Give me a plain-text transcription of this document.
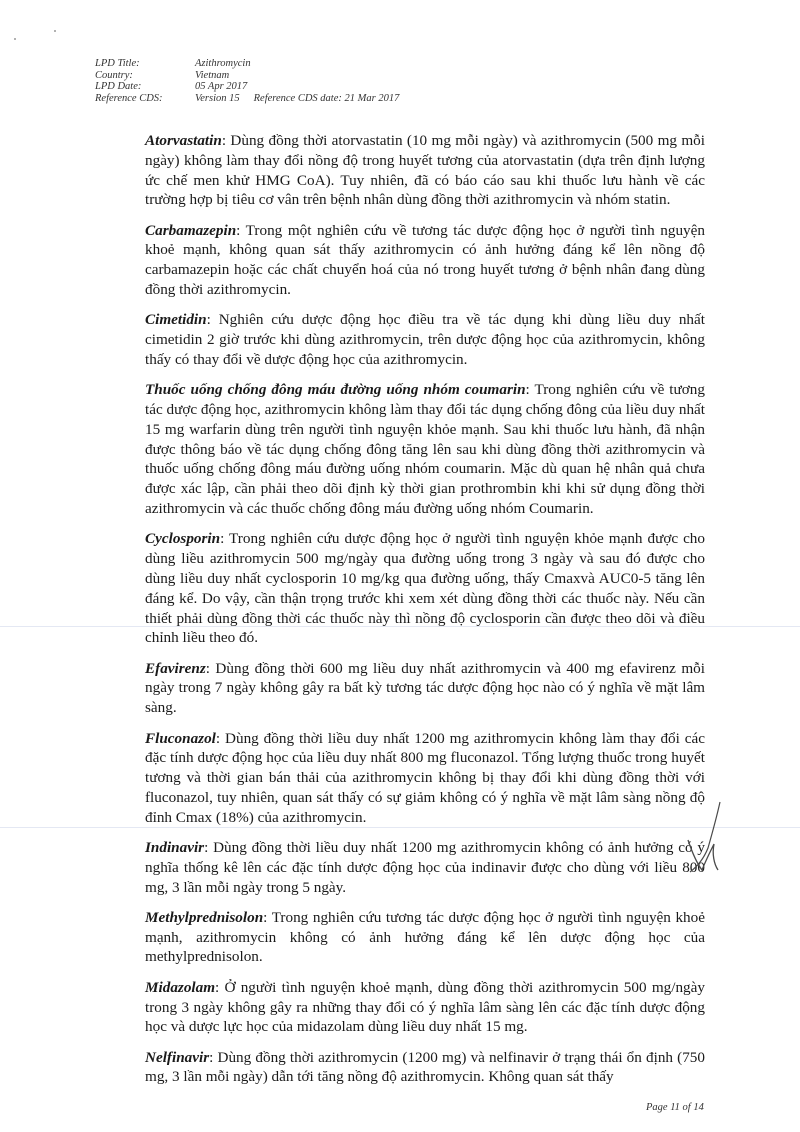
LPD Title:	Azithromycin
Country:	Vietnam
LPD Date:	05 Apr 2017
Reference CDS:	Version 15 Reference CDS date: 21 Mar 2017

Atorvastatin: Dùng đồng thời atorvastatin (10 mg mỗi ngày) và azithromycin (500 mg mỗi ngày) không làm thay đổi nồng độ trong huyết tương của atorvastatin (dựa trên định lượng ức chế men khử HMG CoA). Tuy nhiên, đã có báo cáo sau khi thuốc lưu hành về các trường hợp bị tiêu cơ vân trên bệnh nhân dùng đồng thời azithromycin và nhóm statin.

Carbamazepin: Trong một nghiên cứu về tương tác dược động học ở người tình nguyện khoẻ mạnh, không quan sát thấy azithromycin có ảnh hưởng đáng kể lên nồng độ carbamazepin hoặc các chất chuyển hoá của nó trong huyết tương ở bệnh nhân đang dùng đồng thời azithromycin.

Cimetidin: Nghiên cứu dược động học điều tra về tác dụng khi dùng liều duy nhất cimetidin 2 giờ trước khi dùng azithromycin, trên dược động học của azithromycin, không thấy có thay đổi về dược động học của azithromycin.

Thuốc uống chống đông máu đường uống nhóm coumarin: Trong nghiên cứu về tương tác dược động học, azithromycin không làm thay đổi tác dụng chống đông của liều duy nhất 15 mg warfarin dùng trên người tình nguyện khỏe mạnh. Sau khi thuốc lưu hành, đã nhận được thông báo về tác dụng chống đông tăng lên sau khi dùng đồng thời azithromycin và thuốc uống chống đông máu đường uống nhóm coumarin. Mặc dù quan hệ nhân quả chưa được xác lập, cần phải theo dõi định kỳ thời gian prothrombin khi khi sử dụng đồng thời azithromycin và các thuốc chống đông máu đường uống nhóm Coumarin.

Cyclosporin: Trong nghiên cứu dược động học ở người tình nguyện khỏe mạnh được cho dùng liều azithromycin 500 mg/ngày qua đường uống trong 3 ngày và sau đó được cho dùng liều duy nhất cyclosporin 10 mg/kg qua đường uống, thấy Cmaxvà AUC0-5 tăng lên đáng kể. Do vậy, cần thận trọng trước khi xem xét dùng đồng thời các thuốc này. Nếu cần thiết phải dùng đồng thời các thuốc này thì nồng độ cyclosporin cần được theo dõi và điều chỉnh liều theo đó.

Efavirenz: Dùng đồng thời 600 mg liều duy nhất azithromycin và 400 mg efavirenz mỗi ngày trong 7 ngày không gây ra bất kỳ tương tác dược động học nào có ý nghĩa về mặt lâm sàng.

Fluconazol: Dùng đồng thời liều duy nhất 1200 mg azithromycin không làm thay đổi các đặc tính dược động học của liều duy nhất 800 mg fluconazol. Tổng lượng thuốc trong huyết tương và thời gian bán thải của azithromycin không bị thay đổi khi dùng đồng thời với fluconazol, tuy nhiên, quan sát thấy có sự giảm không có ý nghĩa về mặt lâm sàng nồng độ đỉnh Cmax (18%) của azithromycin.

Indinavir: Dùng đồng thời liều duy nhất 1200 mg azithromycin không có ảnh hưởng có ý nghĩa thống kê lên các đặc tính dược động học của indinavir được cho dùng với liều 800 mg, 3 lần mỗi ngày trong 5 ngày.

Methylprednisolon: Trong nghiên cứu tương tác dược động học ở người tình nguyện khoẻ mạnh, azithromycin không có ảnh hưởng đáng kể lên dược động học của methylprednisolon.

Midazolam: Ở người tình nguyện khoẻ mạnh, dùng đồng thời azithromycin 500 mg/ngày trong 3 ngày không gây ra những thay đổi có ý nghĩa lâm sàng lên các đặc tính dược động học và dược lực học của midazolam dùng liều duy nhất 15 mg.

Nelfinavir: Dùng đồng thời azithromycin (1200 mg) và nelfinavir ở trạng thái ổn định (750 mg, 3 lần mỗi ngày) dẫn tới tăng nồng độ azithromycin. Không quan sát thấy

Page 11 of 14
